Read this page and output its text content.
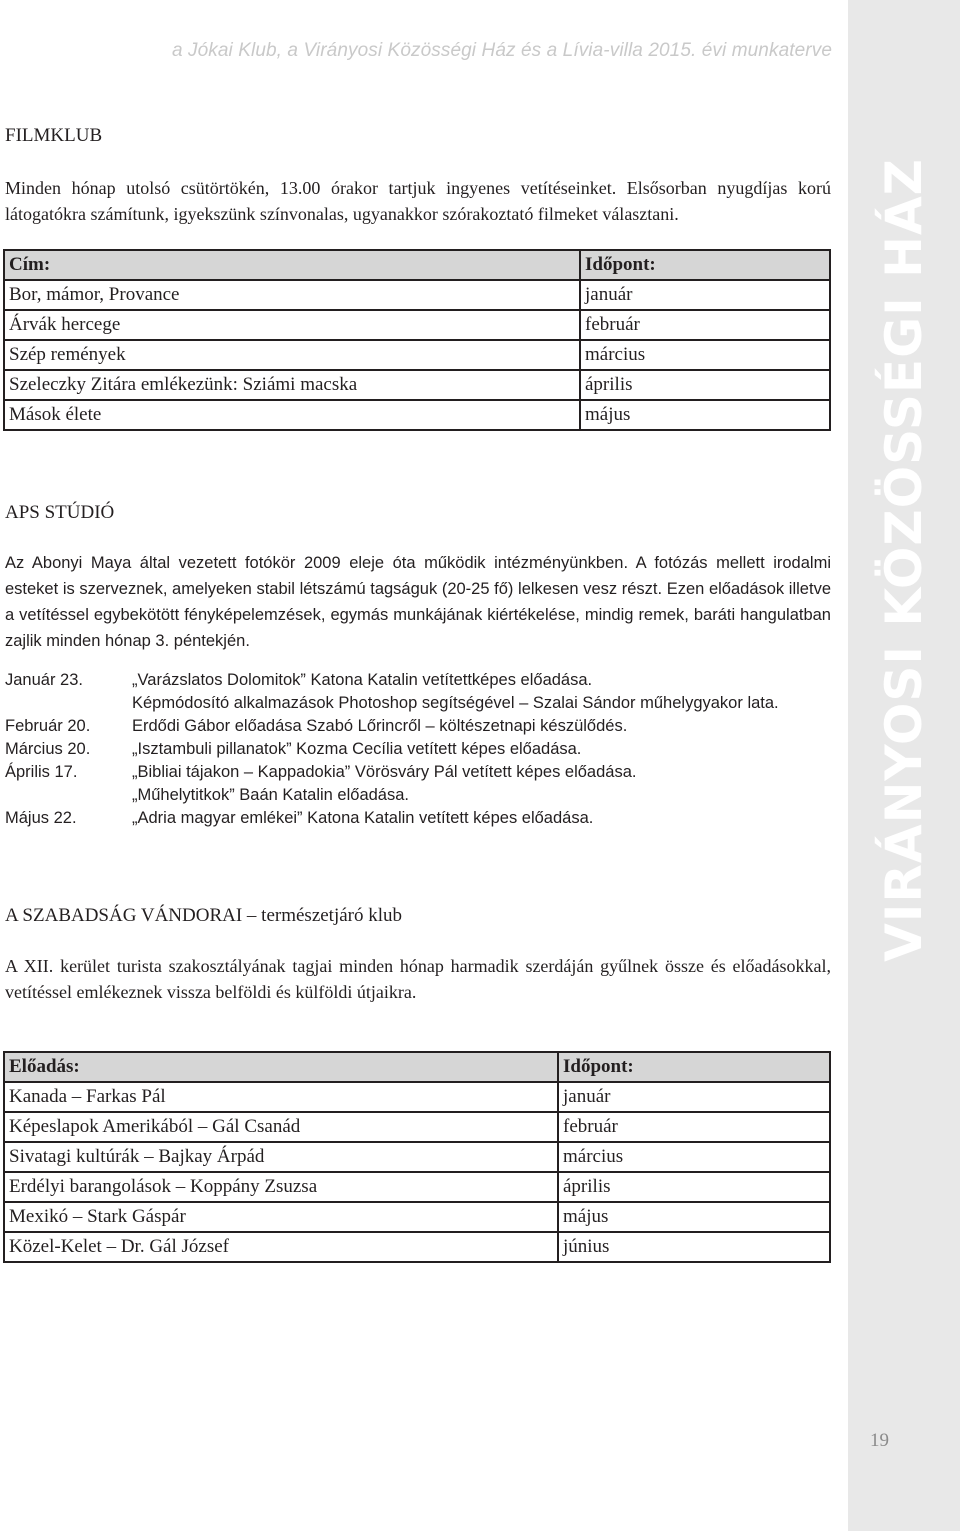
a Jókai Klub, a Virányosi Közösségi Ház és a Lívia-villa 2015. évi munkaterve
VIRÁNYOSI KÖZÖSSÉGI HÁZ
19
FILMKLUB
Minden hónap utolsó csütörtökén, 13.00 órakor tartjuk ingyenes vetítéseinket. Elsősorban nyugdíjas korú látogatókra számítunk, igyekszünk színvonalas, ugyanakkor szórakoztató filmeket választani.
Cím:	Időpont:
Bor, mámor, Provance	január
Árvák hercege	február
Szép remények	március
Szeleczky Zitára emlékezünk: Sziámi macska	április
Mások élete	május
APS STÚDIÓ
Az Abonyi Maya által vezetett fotókör 2009 eleje óta működik intézményünkben. A fotózás mellett irodalmi esteket is szerveznek, amelyeken stabil létszámú tagságuk (20-25 fő) lelkesen vesz részt. Ezen előadások illetve a vetítéssel egybekötött fényképelemzések, egymás munkájának kiértékelése, mindig remek, baráti hangulatban zajlik minden hónap 3. péntekjén.
Január 23.	„Varázslatos Dolomitok” Katona Katalin vetítettképes előadása.
Képmódosító alkalmazások Photoshop segítségével – Szalai Sándor műhelygyakor lata.
Február 20.	Erdődi Gábor előadása Szabó Lőrincről – költészetnapi készülődés.
Március 20.	„Isztambuli pillanatok” Kozma Cecília vetített képes előadása.
Április 17.	„Bibliai tájakon – Kappadokia” Vörösváry Pál vetített képes előadása.
„Műhelytitkok” Baán Katalin előadása.
Május 22.	„Adria magyar emlékei” Katona Katalin vetített képes előadása.
A SZABADSÁG VÁNDORAI – természetjáró klub
A XII. kerület turista szakosztályának tagjai minden hónap harmadik szerdáján gyűlnek össze és előadásokkal, vetítéssel emlékeznek vissza belföldi és külföldi útjaikra.
Előadás:	Időpont:
Kanada – Farkas Pál	január
Képeslapok Amerikából – Gál Csanád	február
Sivatagi kultúrák – Bajkay Árpád	március
Erdélyi barangolások – Koppány Zsuzsa	április
Mexikó – Stark Gáspár	május
Közel-Kelet – Dr. Gál József	június
